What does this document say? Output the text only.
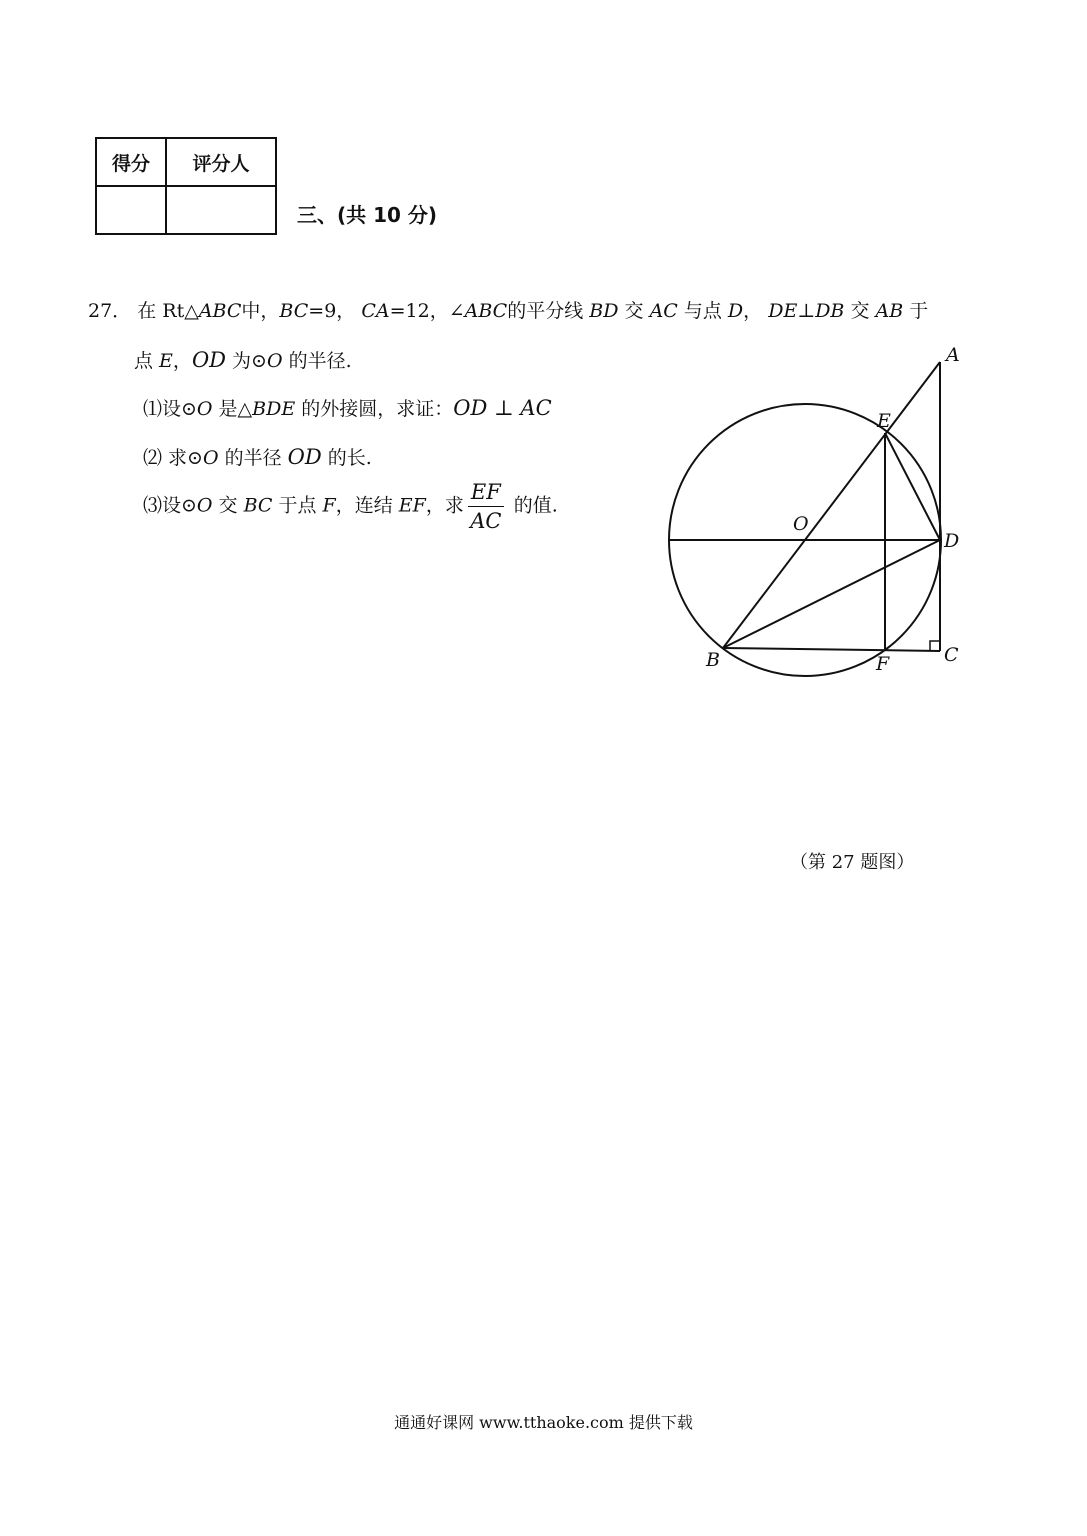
得分	评分人

三、(共 10 分)
27． 在 Rt△ABC中，BC=9， CA=12，∠ABC的平分线 BD 交 AC 与点 D， DE⊥DB 交 AB 于
点 E，OD 为⊙O 的半径.
⑴设⊙O 是△BDE 的外接圆，求证：OD ⊥ AC
⑵ 求⊙O 的半径 OD 的长.
⑶设⊙O 交 BC 于点 F，连结 EF，求 $\frac{EF}{AC}$ 的值.
A
E
O
D
B	F	C
（第 27 题图）
通通好课网 www.tthaoke.com 提供下载
